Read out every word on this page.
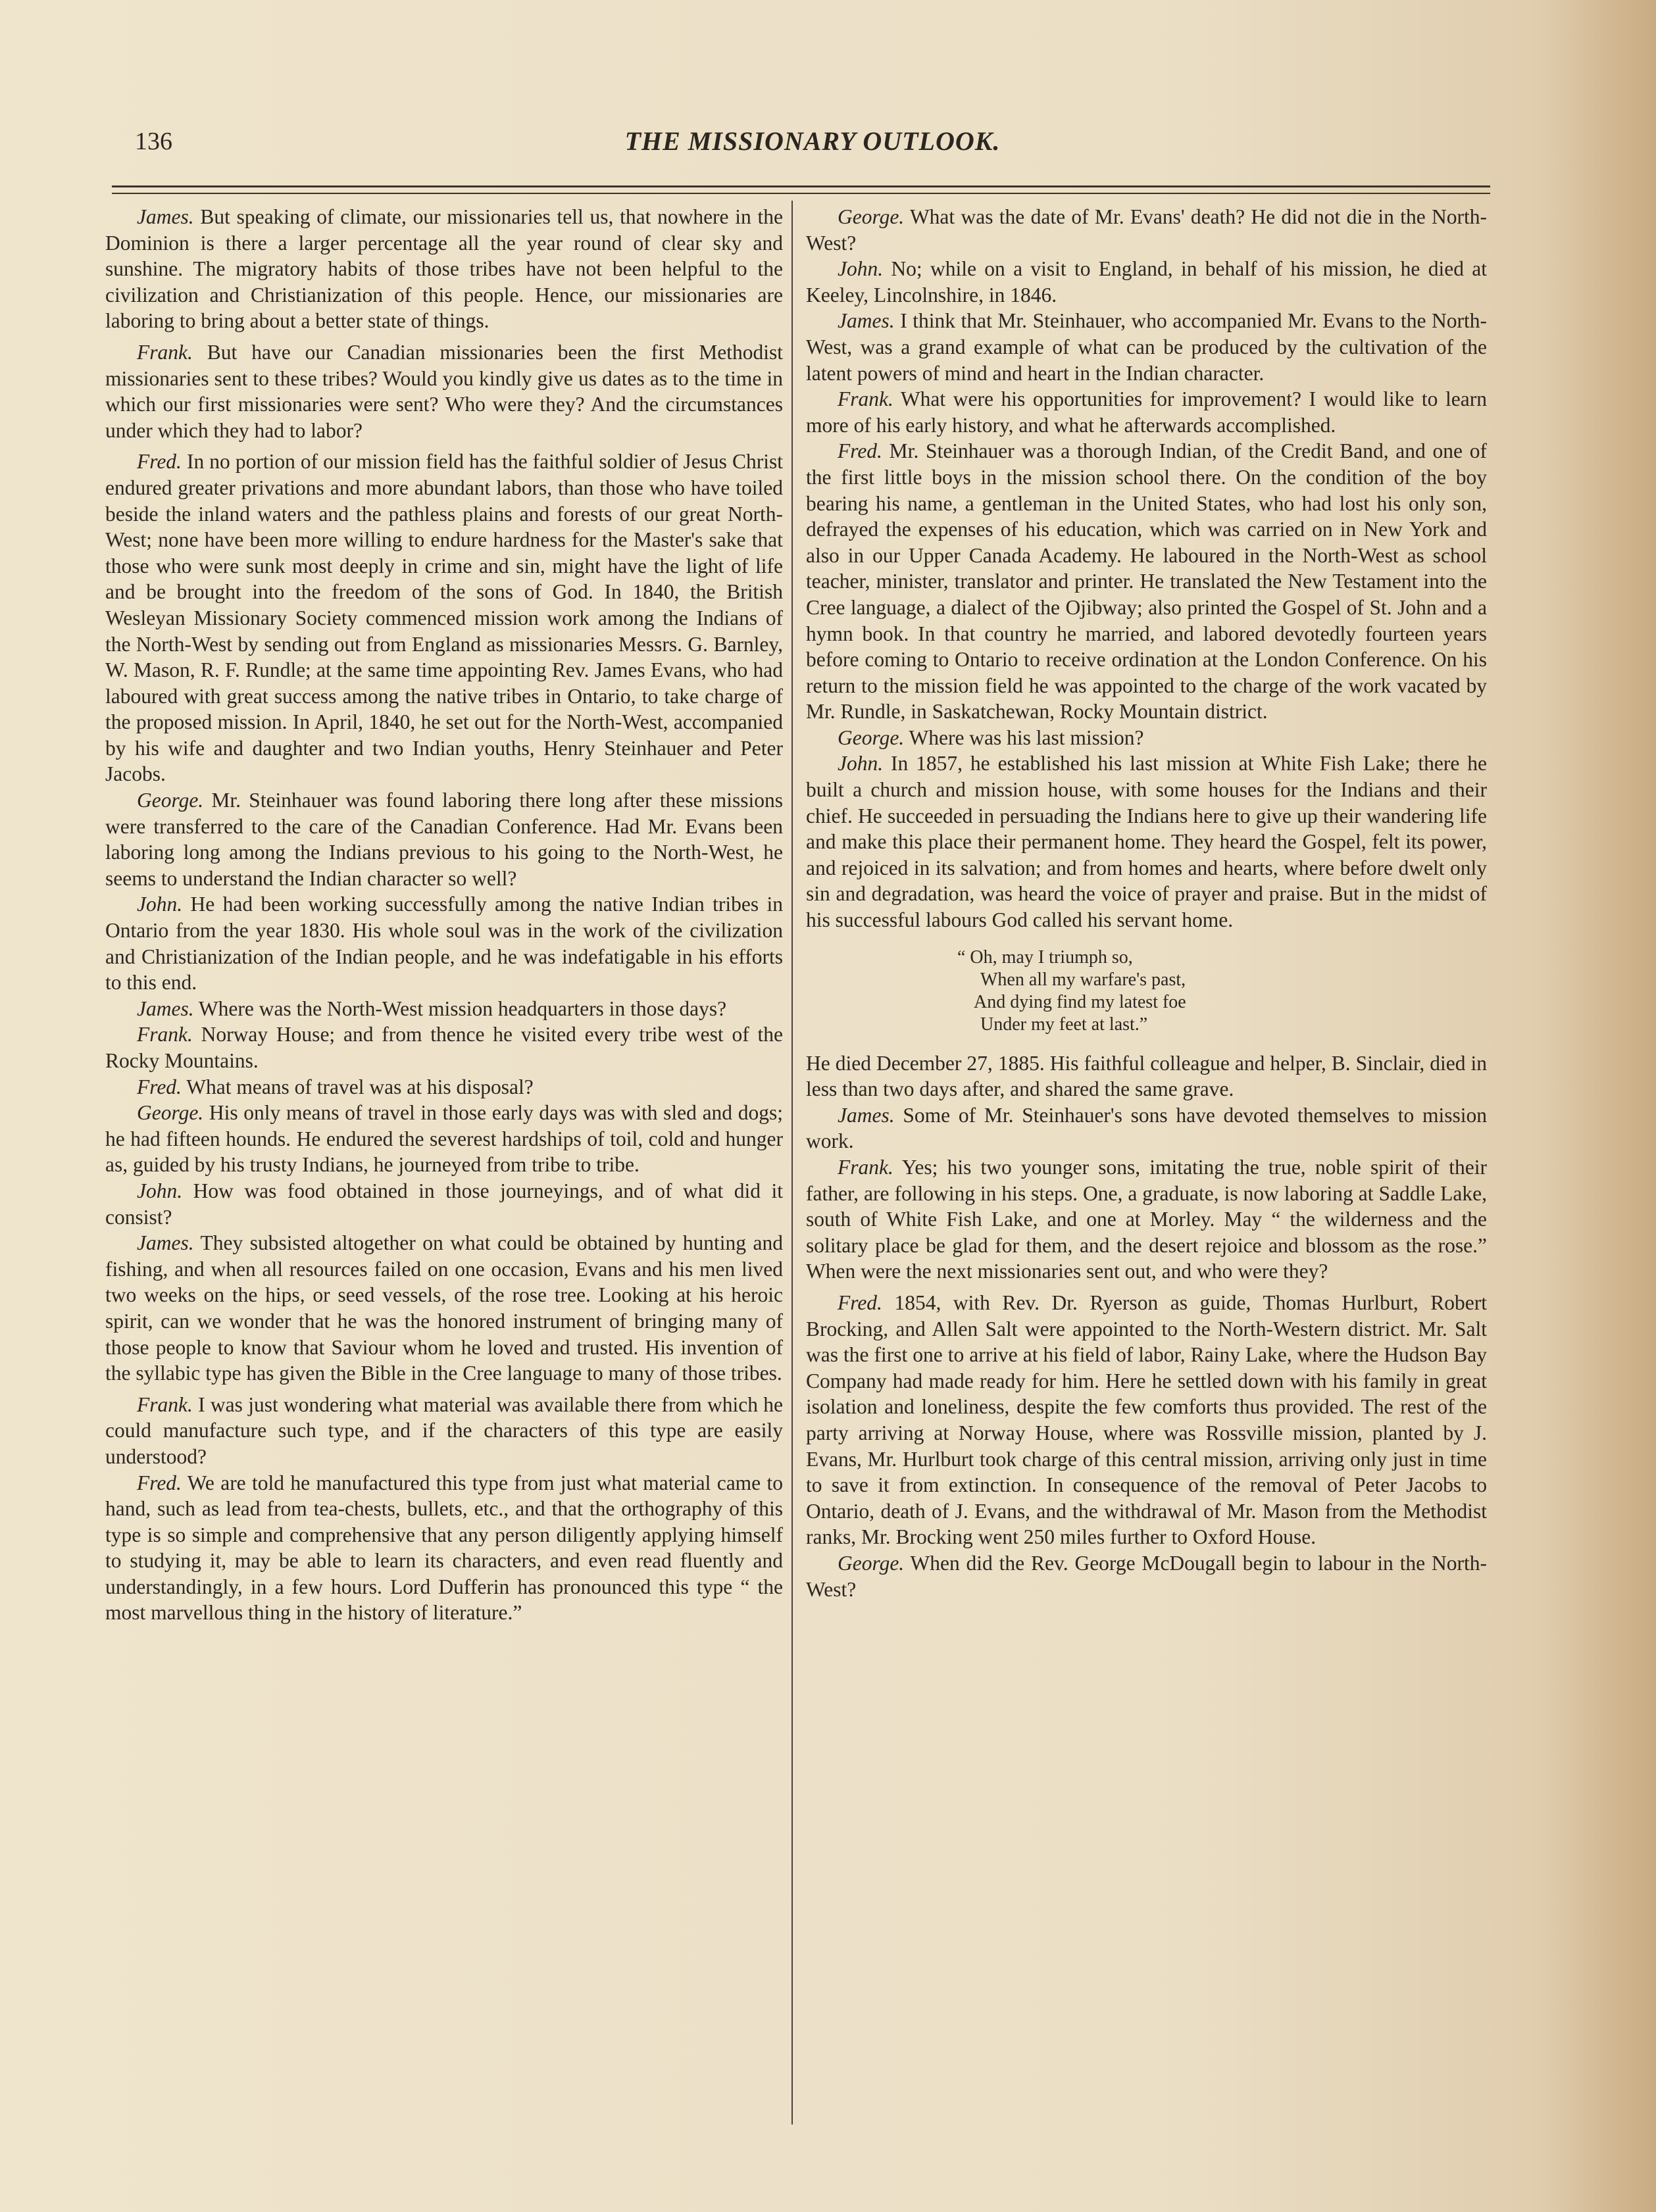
136	THE MISSIONARY OUTLOOK.

James. But speaking of climate, our missionaries tell us, that nowhere in the Dominion is there a larger percentage all the year round of clear sky and sunshine. The migratory habits of those tribes have not been helpful to the civilization and Christianization of this people. Hence, our missionaries are laboring to bring about a better state of things.

Frank. But have our Canadian missionaries been the first Methodist missionaries sent to these tribes? Would you kindly give us dates as to the time in which our first missionaries were sent? Who were they? And the circumstances under which they had to labor?

Fred. In no portion of our mission field has the faithful soldier of Jesus Christ endured greater privations and more abundant labors, than those who have toiled beside the inland waters and the pathless plains and forests of our great North-West; none have been more willing to endure hardness for the Master's sake that those who were sunk most deeply in crime and sin, might have the light of life and be brought into the freedom of the sons of God. In 1840, the British Wesleyan Missionary Society commenced mission work among the Indians of the North-West by sending out from England as missionaries Messrs. G. Barnley, W. Mason, R. F. Rundle; at the same time appointing Rev. James Evans, who had laboured with great success among the native tribes in Ontario, to take charge of the proposed mission. In April, 1840, he set out for the North-West, accompanied by his wife and daughter and two Indian youths, Henry Steinhauer and Peter Jacobs.

George. Mr. Steinhauer was found laboring there long after these missions were transferred to the care of the Canadian Conference. Had Mr. Evans been laboring long among the Indians previous to his going to the North-West, he seems to understand the Indian character so well?

John. He had been working successfully among the native Indian tribes in Ontario from the year 1830. His whole soul was in the work of the civilization and Christianization of the Indian people, and he was indefatigable in his efforts to this end.

James. Where was the North-West mission headquarters in those days?

Frank. Norway House; and from thence he visited every tribe west of the Rocky Mountains.

Fred. What means of travel was at his disposal?

George. His only means of travel in those early days was with sled and dogs; he had fifteen hounds. He endured the severest hardships of toil, cold and hunger as, guided by his trusty Indians, he journeyed from tribe to tribe.

John. How was food obtained in those journeyings, and of what did it consist?

James. They subsisted altogether on what could be obtained by hunting and fishing, and when all resources failed on one occasion, Evans and his men lived two weeks on the hips, or seed vessels, of the rose tree. Looking at his heroic spirit, can we wonder that he was the honored instrument of bringing many of those people to know that Saviour whom he loved and trusted. His invention of the syllabic type has given the Bible in the Cree language to many of those tribes.

Frank. I was just wondering what material was available there from which he could manufacture such type, and if the characters of this type are easily understood?

Fred. We are told he manufactured this type from just what material came to hand, such as lead from tea-chests, bullets, etc., and that the orthography of this type is so simple and comprehensive that any person diligently applying himself to studying it, may be able to learn its characters, and even read fluently and understandingly, in a few hours. Lord Dufferin has pronounced this type “ the most marvellous thing in the history of literature.”

George. What was the date of Mr. Evans' death? He did not die in the North-West?

John. No; while on a visit to England, in behalf of his mission, he died at Keeley, Lincolnshire, in 1846.

James. I think that Mr. Steinhauer, who accompanied Mr. Evans to the North-West, was a grand example of what can be produced by the cultivation of the latent powers of mind and heart in the Indian character.

Frank. What were his opportunities for improvement? I would like to learn more of his early history, and what he afterwards accomplished.

Fred. Mr. Steinhauer was a thorough Indian, of the Credit Band, and one of the first little boys in the mission school there. On the condition of the boy bearing his name, a gentleman in the United States, who had lost his only son, defrayed the expenses of his education, which was carried on in New York and also in our Upper Canada Academy. He laboured in the North-West as school teacher, minister, translator and printer. He translated the New Testament into the Cree language, a dialect of the Ojibway; also printed the Gospel of St. John and a hymn book. In that country he married, and labored devotedly fourteen years before coming to Ontario to receive ordination at the London Conference. On his return to the mission field he was appointed to the charge of the work vacated by Mr. Rundle, in Saskatchewan, Rocky Mountain district.

George. Where was his last mission?

John. In 1857, he established his last mission at White Fish Lake; there he built a church and mission house, with some houses for the Indians and their chief. He succeeded in persuading the Indians here to give up their wandering life and make this place their permanent home. They heard the Gospel, felt its power, and rejoiced in its salvation; and from homes and hearts, where before dwelt only sin and degradation, was heard the voice of prayer and praise. But in the midst of his successful labours God called his servant home.

“ Oh, may I triumph so,
When all my warfare's past,
And dying find my latest foe
Under my feet at last.”

He died December 27, 1885. His faithful colleague and helper, B. Sinclair, died in less than two days after, and shared the same grave.

James. Some of Mr. Steinhauer's sons have devoted themselves to mission work.

Frank. Yes; his two younger sons, imitating the true, noble spirit of their father, are following in his steps. One, a graduate, is now laboring at Saddle Lake, south of White Fish Lake, and one at Morley. May “ the wilderness and the solitary place be glad for them, and the desert rejoice and blossom as the rose.” When were the next missionaries sent out, and who were they?

Fred. 1854, with Rev. Dr. Ryerson as guide, Thomas Hurlburt, Robert Brocking, and Allen Salt were appointed to the North-Western district. Mr. Salt was the first one to arrive at his field of labor, Rainy Lake, where the Hudson Bay Company had made ready for him. Here he settled down with his family in great isolation and loneliness, despite the few comforts thus provided. The rest of the party arriving at Norway House, where was Rossville mission, planted by J. Evans, Mr. Hurlburt took charge of this central mission, arriving only just in time to save it from extinction. In consequence of the removal of Peter Jacobs to Ontario, death of J. Evans, and the withdrawal of Mr. Mason from the Methodist ranks, Mr. Brocking went 250 miles further to Oxford House.

George. When did the Rev. George McDougall begin to labour in the North-West?
